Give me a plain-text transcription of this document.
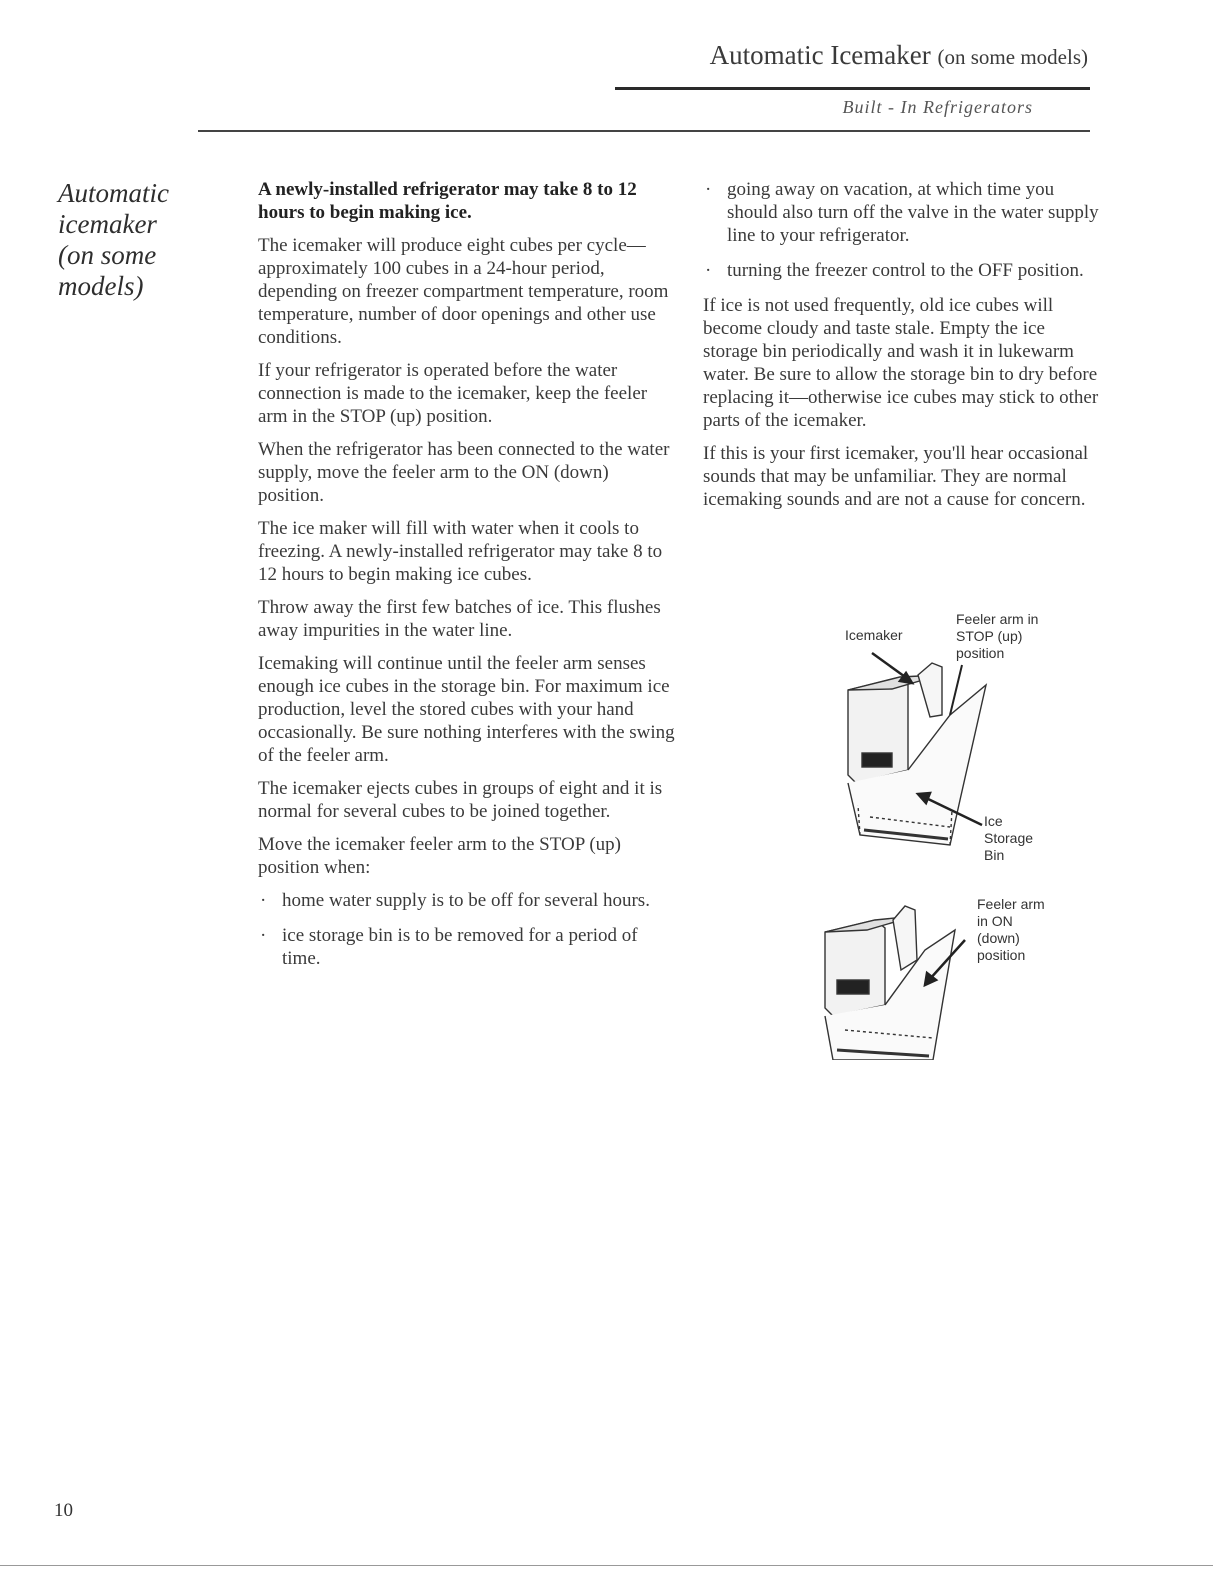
Automatic Icemaker (on some models)
Built - In Refrigerators
Automatic
icemaker
(on some
models)

A newly-installed refrigerator may take 8 to 12 hours to begin making ice.

The icemaker will produce eight cubes per cycle—approximately 100 cubes in a 24-hour period, depending on freezer compartment temperature, room temperature, number of door openings and other use conditions.

If your refrigerator is operated before the water connection is made to the icemaker, keep the feeler arm in the STOP (up) position.

When the refrigerator has been connected to the water supply, move the feeler arm to the ON (down) position.

The ice maker will fill with water when it cools to freezing. A newly-installed refrigerator may take 8 to 12 hours to begin making ice cubes.

Throw away the first few batches of ice. This flushes away impurities in the water line.

Icemaking will continue until the feeler arm senses enough ice cubes in the storage bin. For maximum ice production, level the stored cubes with your hand occasionally. Be sure nothing interferes with the swing of the feeler arm.

The icemaker ejects cubes in groups of eight and it is normal for several cubes to be joined together.

Move the icemaker feeler arm to the STOP (up) position when:

· home water supply is to be off for several hours.
· ice storage bin is to be removed for a period of time.
· going away on vacation, at which time you should also turn off the valve in the water supply line to your refrigerator.
· turning the freezer control to the OFF position.

If ice is not used frequently, old ice cubes will become cloudy and taste stale. Empty the ice storage bin periodically and wash it in lukewarm water. Be sure to allow the storage bin to dry before replacing it—otherwise ice cubes may stick to other parts of the icemaker.

If this is your first icemaker, you'll hear occasional sounds that may be unfamiliar. They are normal icemaking sounds and are not a cause for concern.

Icemaker
Feeler arm in
STOP (up)
position
Ice
Storage
Bin
Feeler arm
in ON
(down)
position
10
